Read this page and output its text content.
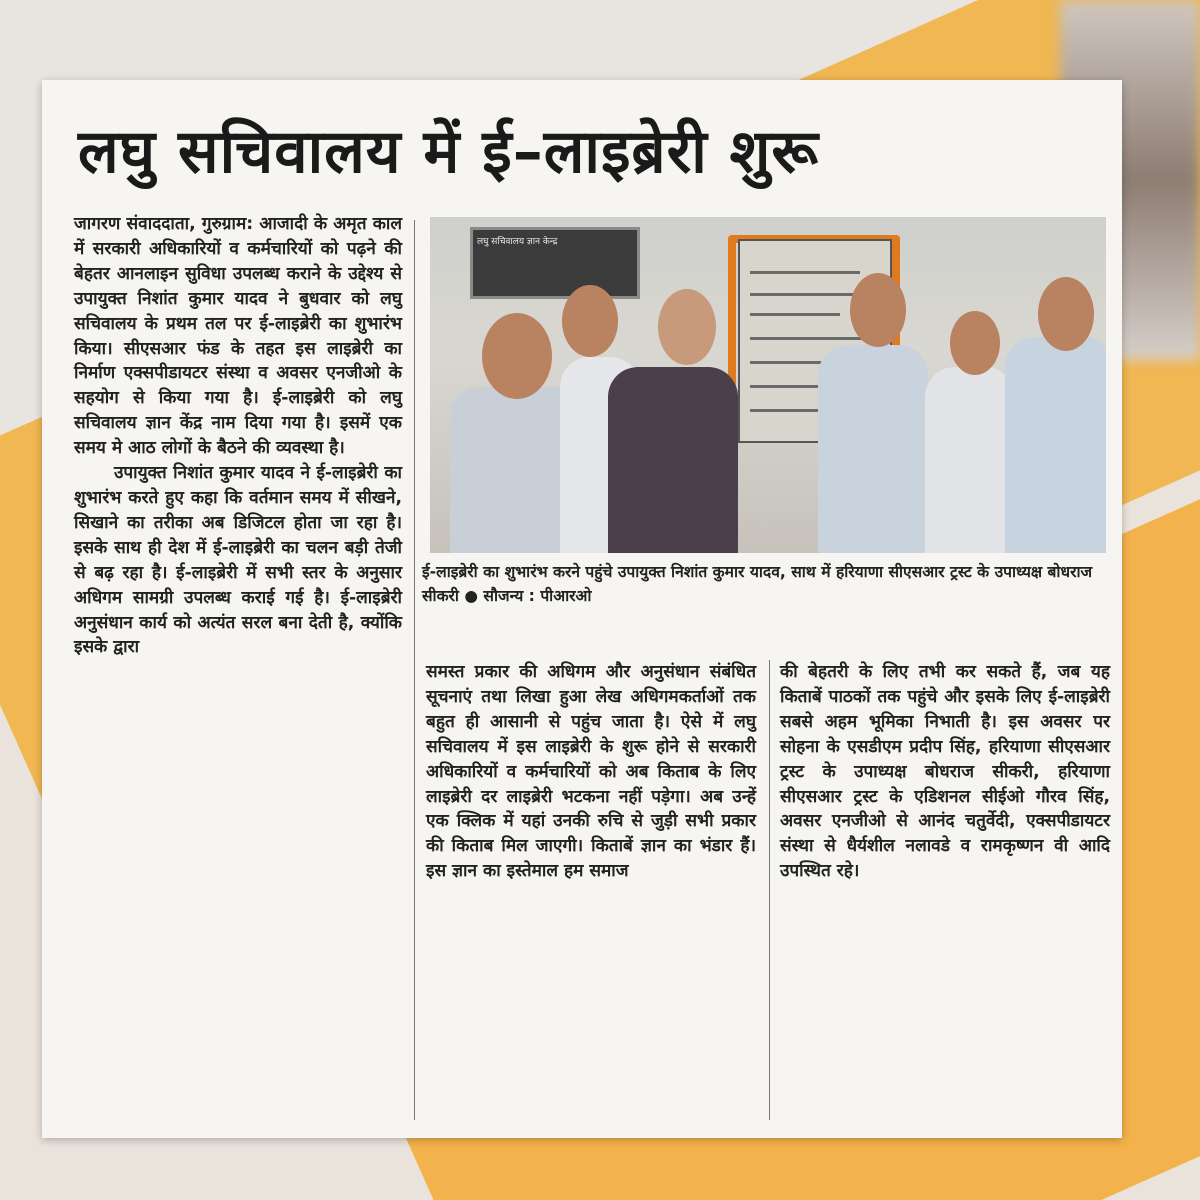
लघु सचिवालय में ई–लाइब्रेरी शुरू

जागरण संवाददाता, गुरुग्राम: आजादी के अमृत काल में सरकारी अधिकारियों व कर्मचारियों को पढ़ने की बेहतर आनलाइन सुविधा उपलब्ध कराने के उद्देश्य से उपायुक्त निशांत कुमार यादव ने बुधवार को लघु सचिवालय के प्रथम तल पर ई-लाइब्रेरी का शुभारंभ किया। सीएसआर फंड के तहत इस लाइब्रेरी का निर्माण एक्सपीडायटर संस्था व अवसर एनजीओ के सहयोग से किया गया है। ई-लाइब्रेरी को लघु सचिवालय ज्ञान केंद्र नाम दिया गया है। इसमें एक समय मे आठ लोगों के बैठने की व्यवस्था है।

उपायुक्त निशांत कुमार यादव ने ई-लाइब्रेरी का शुभारंभ करते हुए कहा कि वर्तमान समय में सीखने, सिखाने का तरीका अब डिजिटल होता जा रहा है। इसके साथ ही देश में ई-लाइब्रेरी का चलन बड़ी तेजी से बढ़ रहा है। ई-लाइब्रेरी में सभी स्तर के अनुसार अधिगम सामग्री उपलब्ध कराई गई है। ई-लाइब्रेरी अनुसंधान कार्य को अत्यंत सरल बना देती है, क्योंकि इसके द्वारा

लघु सचिवालय ज्ञान केन्द्र
ई-लाइब्रेरी का शुभारंभ करने पहुंचे उपायुक्त निशांत कुमार यादव, साथ में हरियाणा सीएसआर ट्रस्ट के उपाध्यक्ष बोधराज सीकरी ● सौजन्य : पीआरओ
समस्त प्रकार की अधिगम और अनुसंधान संबंधित सूचनाएं तथा लिखा हुआ लेख अधिगमकर्ताओं तक बहुत ही आसानी से पहुंच जाता है। ऐसे में लघु सचिवालय में इस लाइब्रेरी के शुरू होने से सरकारी अधिकारियों व कर्मचारियों को अब किताब के लिए लाइब्रेरी दर लाइब्रेरी भटकना नहीं पड़ेगा। अब उन्हें एक क्लिक में यहां उनकी रुचि से जुड़ी सभी प्रकार की किताब मिल जाएगी। किताबें ज्ञान का भंडार हैं। इस ज्ञान का इस्तेमाल हम समाज
की बेहतरी के लिए तभी कर सकते हैं, जब यह किताबें पाठकों तक पहुंचे और इसके लिए ई-लाइब्रेरी सबसे अहम भूमिका निभाती है। इस अवसर पर सोहना के एसडीएम प्रदीप सिंह, हरियाणा सीएसआर ट्रस्ट के उपाध्यक्ष बोधराज सीकरी, हरियाणा सीएसआर ट्रस्ट के एडिशनल सीईओ गौरव सिंह, अवसर एनजीओ से आनंद चतुर्वेदी, एक्सपीडायटर संस्था से धैर्यशील नलावडे व रामकृष्णन वी आदि उपस्थित रहे।
